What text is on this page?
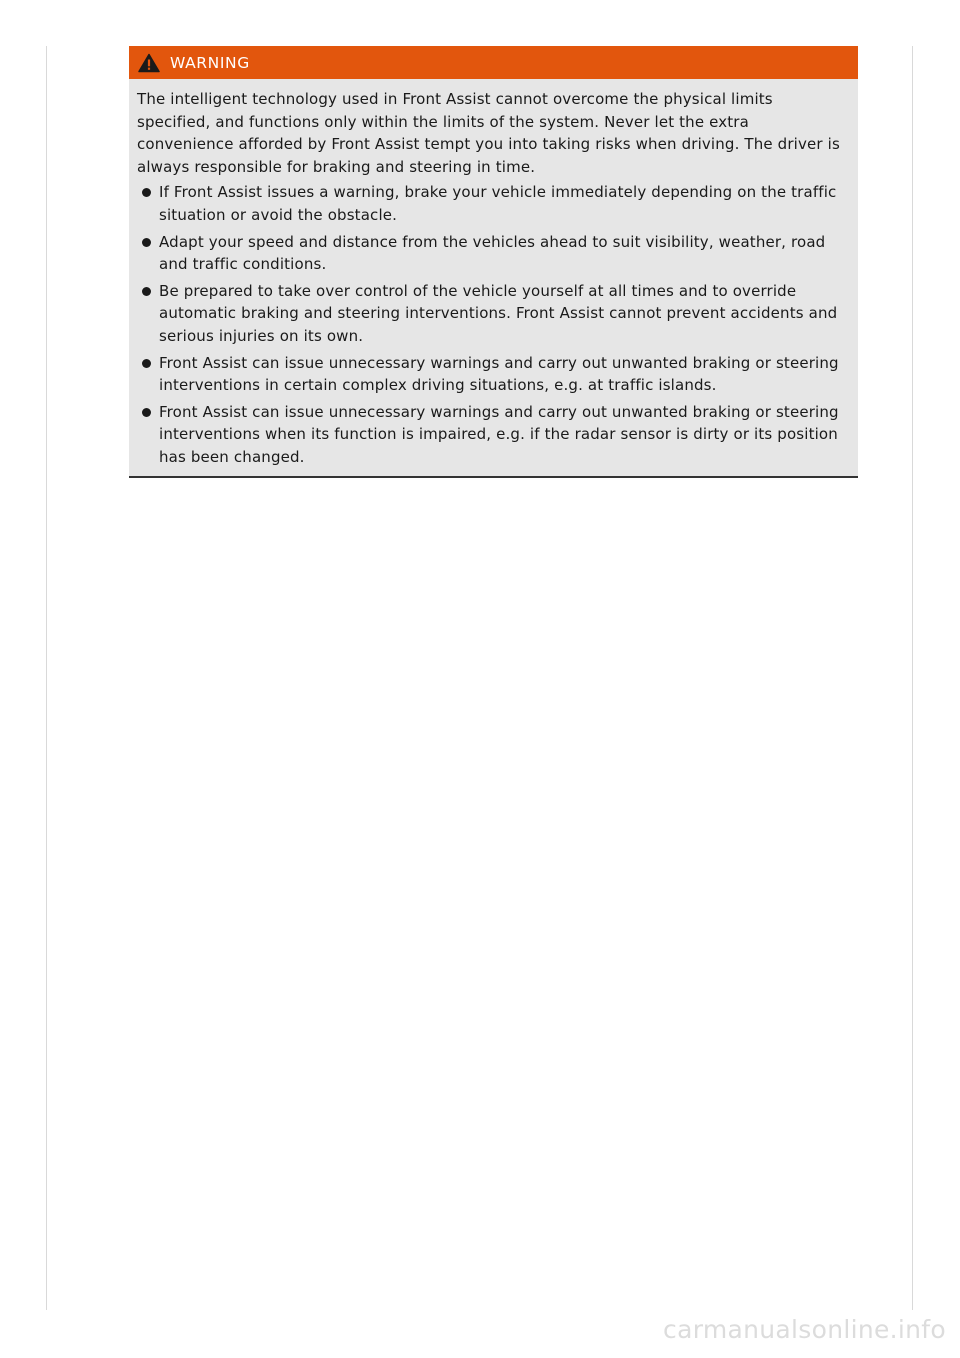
WARNING

The intelligent technology used in Front Assist cannot overcome the physical limits specified, and functions only within the limits of the system. Never let the extra convenience afforded by Front Assist tempt you into taking risks when driving. The driver is always responsible for braking and steering in time.

If Front Assist issues a warning, brake your vehicle immediately depending on the traffic situation or avoid the obstacle.
Adapt your speed and distance from the vehicles ahead to suit visibility, weather, road and traffic conditions.
Be prepared to take over control of the vehicle yourself at all times and to override automatic braking and steering interventions. Front Assist cannot prevent accidents and serious injuries on its own.
Front Assist can issue unnecessary warnings and carry out unwanted braking or steering interventions in certain complex driving situations, e.g. at traffic islands.
Front Assist can issue unnecessary warnings and carry out unwanted braking or steering interventions when its function is impaired, e.g. if the radar sensor is dirty or its position has been changed.
carmanualsonline.info
